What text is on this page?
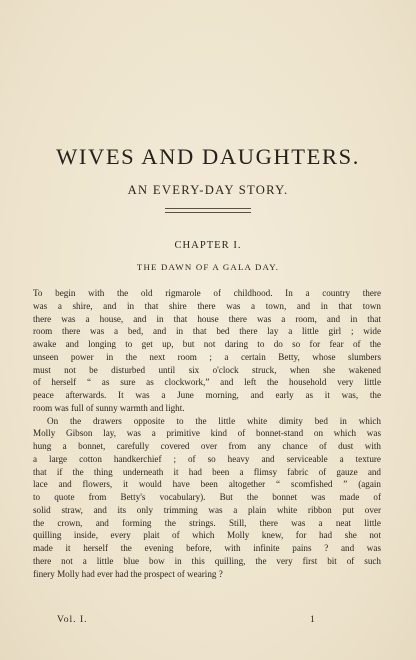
WIVES AND DAUGHTERS.
AN EVERY-DAY STORY.
CHAPTER I.
THE DAWN OF A GALA DAY.
To begin with the old rigmarole of childhood. In a country there
was a shire, and in that shire there was a town, and in that town
there was a house, and in that house there was a room, and in that
room there was a bed, and in that bed there lay a little girl ; wide
awake and longing to get up, but not daring to do so for fear of the
unseen power in the next room ; a certain Betty, whose slumbers
must not be disturbed until six o'clock struck, when she wakened
of herself “ as sure as clockwork,” and left the household very little
peace afterwards. It was a June morning, and early as it was, the
room was full of sunny warmth and light.
On the drawers opposite to the little white dimity bed in which
Molly Gibson lay, was a primitive kind of bonnet-stand on which was
hung a bonnet, carefully covered over from any chance of dust with
a large cotton handkerchief ; of so heavy and serviceable a texture
that if the thing underneath it had been a flimsy fabric of gauze and
lace and flowers, it would have been altogether “ scomfished ” (again
to quote from Betty's vocabulary). But the bonnet was made of
solid straw, and its only trimming was a plain white ribbon put over
the crown, and forming the strings. Still, there was a neat little
quilling inside, every plait of which Molly knew, for had she not
made it herself the evening before, with infinite pains ? and was
there not a little blue bow in this quilling, the very first bit of such
finery Molly had ever had the prospect of wearing ?
Vol. I.	1
